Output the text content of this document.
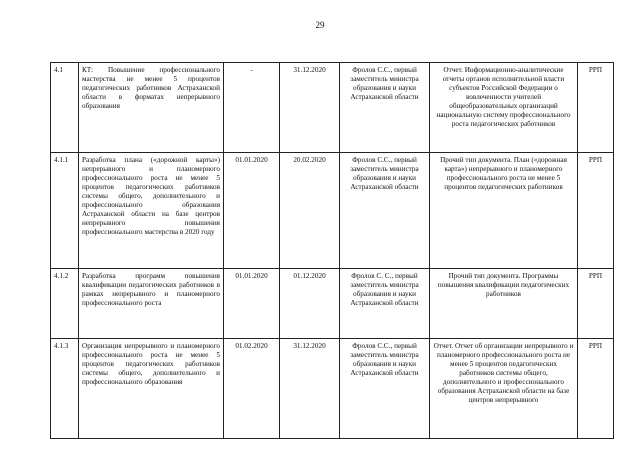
29
4.1	КТ: Повышение профессионального мастерства не менее 5 процентов педагогических работников Астраханской области в форматах непрерывного образования	-	31.12.2020	Фролов С.С., первый заместитель министра образования и науки Астраханской области	Отчет. Информационно-аналитические отчеты органов исполнительной власти субъектов Российской Федерации о вовлеченности учителей общеобразовательных организаций национальную систему профессионального роста педагогических работников	РРП
4.1.1	Разработка плана («дорожной карты») непрерывного и планомерного профессионального роста не менее 5 процентов педагогических работников системы общего, дополнительного и профессионального образования Астраханской области на базе центров непрерывного повышения профессионального мастерства в 2020 году	01.01.2020	20.02.2020	Фролов С.С., первый заместитель министра образования и науки Астраханской области	Прочий тип документа. План («дорожная карта») непрерывного и планомерного профессионального роста не менее 5 процентов педагогических работников	РРП
4.1.2	Разработка программ повышения квалификации педагогических работников в рамках непрерывного и планомерного профессионального роста	01.01.2020	01.12.2020	Фролов С. С., первый заместитель министра образования и науки Астраханской области	Прочий тип документа. Программы повышения квалификации педагогических работников	РРП
4.1.3	Организация непрерывного и планомерного профессионального роста не менее 5 процентов педагогических работников системы общего, дополнительного и профессионального образования	01.02.2020	31.12.2020	Фролов С.С., первый заместитель министра образования и науки Астраханской области	Отчет. Отчет об организации непрерывного и планомерного профессионального роста не менее 5 процентов педагогических работников системы общего, дополнительного и профессионального образования Астраханской области на базе центров непрерывного	РРП
